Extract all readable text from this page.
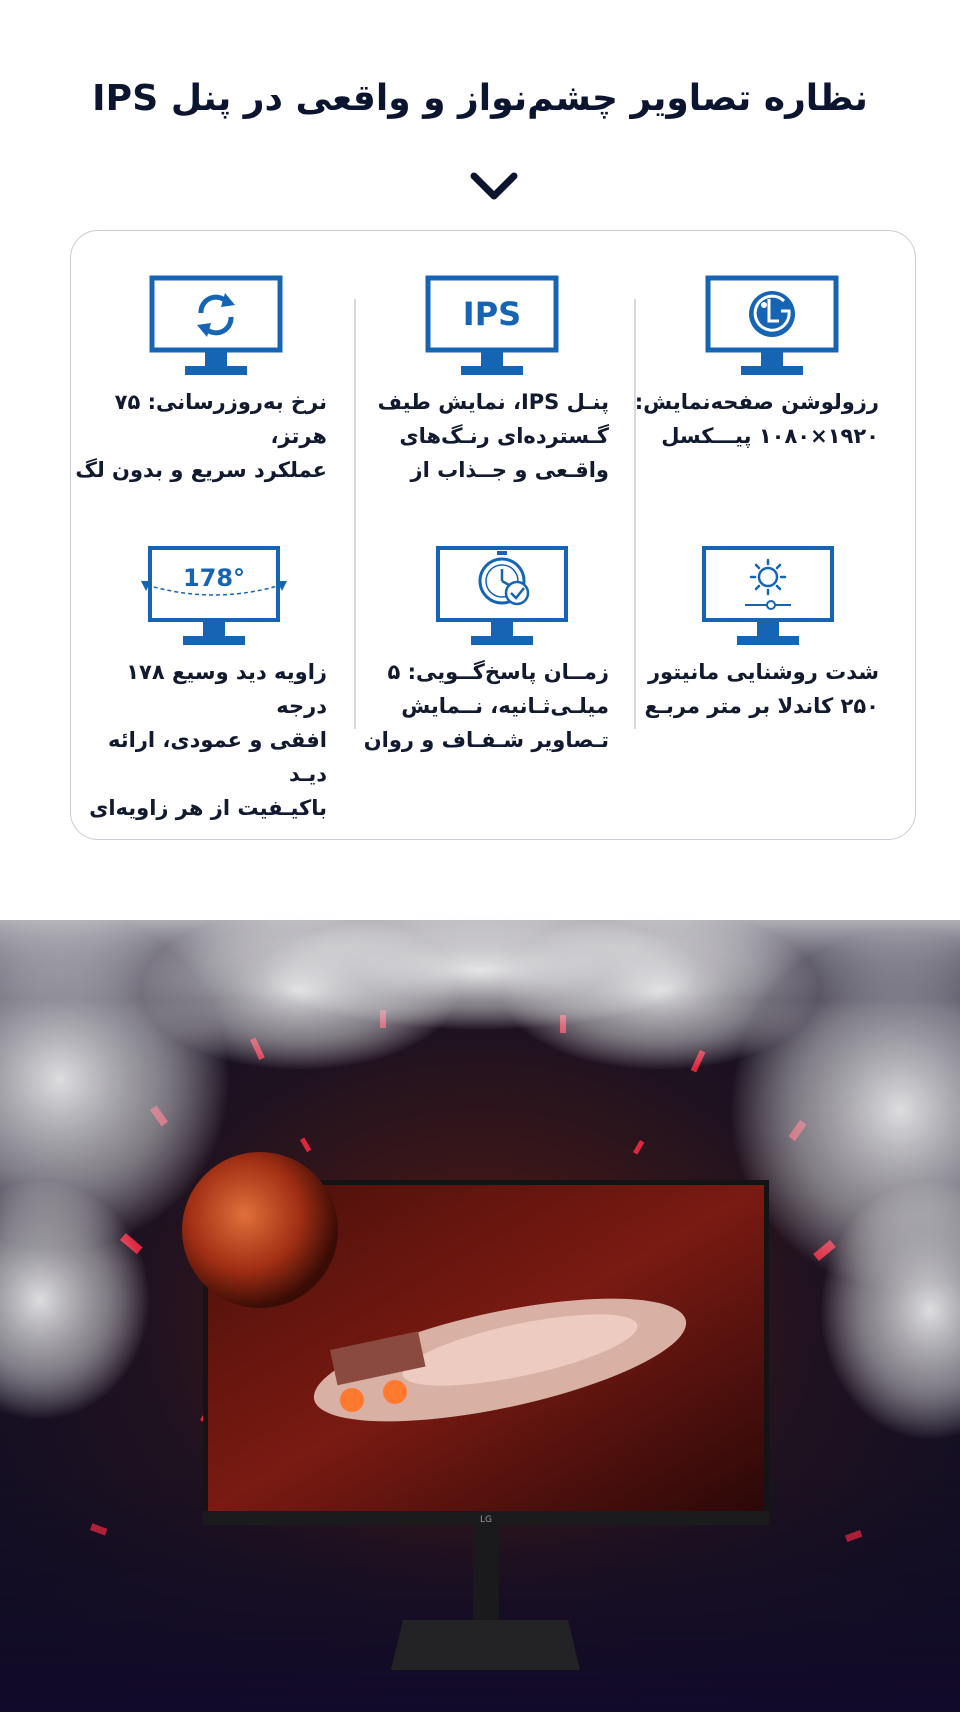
نظاره تصاویر چشم‌نواز و واقعی در پنل IPS
رزولوشن صفحه‌نمایش:
۱۹۲۰×۱۰۸۰ پیـــکسل
IPS
پنـل IPS، نمایش طیف
گـسترده‌ای رنـگ‌های
واقـعی و جــذاب از
نرخ به‌روزرسانی: ۷۵ هرتز،
عملکرد سریع و بدون لگ
شدت روشنایی مانیتور
۲۵۰ کاندلا بر متر مربـع
زمــان پاسخ‌گــویی: ۵
میلـی‌ثـانیه، نــمایش
تـصاویر شـفـاف و روان
178°
زاویه دید وسیع ۱۷۸ درجه
افقی و عمودی، ارائه دیـد
باکیـفیت از هر زاویه‌ای
LG
